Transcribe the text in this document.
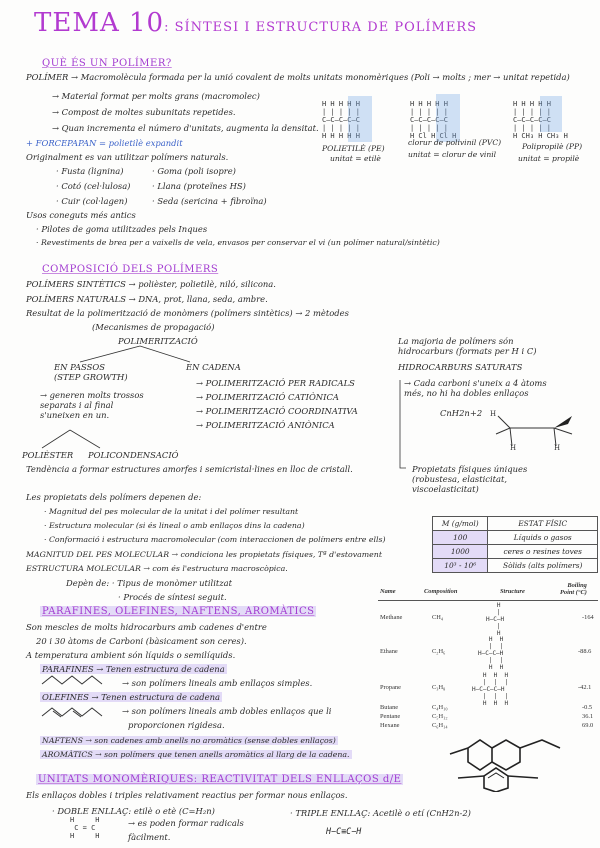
TEMA 10: SÍNTESI I ESTRUCTURA DE POLÍMERS
QUÈ ÉS UN POLÍMER?
POLÍMER → Macromolècula formada per la unió covalent de molts unitats monomèriques (Poli → molts ; mer → unitat repetida)
→ Material format per molts grans (macromolec)
→ Compost de moltes subunitats repetides.
→ Quan incrementa el número d'unitats, augmenta la densitat.
+ FORCEPAPAN = polietilè expandit
Originalment es van utilitzar polímers naturals.
· Fusta (lignina)
· Cotó (cel·lulosa)
· Cuir (col·lagen)
· Goma (poli isopre)
· Llana (proteïnes HS)
· Seda (sericina + fibroïna)
Usos coneguts més antics
· Pilotes de goma utilitzades pels Inques
· Revestiments de brea per a vaixells de vela, envasos per conservar el vi (un polímer natural/sintètic)
H H H H H
| | | | |
C—C—C—C—C
| | | | |
H H H H H
POLIETILÈ (PE)
unitat = etilè
H H H H H
| | | | |
C—C—C—C—C
| | | | |
H Cl H Cl H
clorur de polivinil (PVC)
unitat = clorur de vinil
H H H H H
| | | | |
C—C—C—C—C
| | | | |
H CH₃ H CH₃ H
Polipropilè (PP)
unitat = propilè
COMPOSICIÓ DELS POLÍMERS
POLÍMERS SINTÈTICS → polièster, polietilè, niló, silicona.
POLÍMERS NATURALS → DNA, prot, llana, seda, ambre.
Resultat de la polimerització de monòmers (polímers sintètics) → 2 mètodes
(Mecanismes de propagació)
POLIMERITZACIÓ
EN PASSOS
(STEP GROWTH)
→ generen molts trossos
separats i al final
s'uneixen en un.
EN CADENA
→ POLIMERITZACIÓ PER RADICALS
→ POLIMERITZACIÓ CATIÒNICA
→ POLIMERITZACIÓ COORDINATIVA
→ POLIMERITZACIÓ ANIÒNICA
POLIÈSTER POLICONDENSACIÓ
Tendència a formar estructures amorfes i semicristal·lines en lloc de cristall.
Les propietats dels polímers depenen de:
· Magnitud del pes molecular de la unitat i del polímer resultant
· Estructura molecular (si és lineal o amb enllaços dins la cadena)
· Conformació i estructura macromolecular (com interaccionen de polímers entre ells)
MAGNITUD DEL PES MOLECULAR → condiciona les propietats físiques, Tª d'estovament
ESTRUCTURA MOLECULAR → com és l'estructura macroscòpica.
Depèn de: · Tipus de monòmer utilitzat
· Procés de síntesi seguit.
La majoria de polímers són
hidrocarburs (formats per H i C)
HIDROCARBURS SATURATS
→ Cada carboni s'uneix a 4 àtoms
més, no hi ha dobles enllaços
CnH2n+2 H
H	H
Propietats físiques úniques
(robustesa, elasticitat,
viscoelasticitat)
M (g/mol)	ESTAT FÍSIC
100	Líquids o gasos
1000	ceres o resines toves
10³ - 10⁶	Sòlids (alts polímers)
Name	Composition	Structure
Boiling
Point (°C)
Methane	CH₄	-164
H
|
H—C—H
|
H
Ethane	C₂H₆	-88.6
H  H
|  |
H—C—C—H
|  |
H  H
Propane	C₃H₈	-42.1
H  H  H
|  |  |
H—C—C—C—H
|  |  |
H  H  H
Butane	C₄H₁₀	-0.5
Pentane	C₅H₁₂	36.1
Hexane	C₆H₁₄	69.0
PARAFINES, OLEFINES, NAFTENS, AROMÀTICS
Son mescles de molts hidrocarburs amb cadenes d'entre
20 i 30 àtoms de Carboni (bàsicament son ceres).
A temperatura ambient són líquids o semilíquids.
PARAFINES → Tenen estructura de cadena
→ son polímers lineals amb enllaços simples.
OLEFINES → Tenen estructura de cadena
→ son polímers lineals amb dobles enllaços que li
proporcionen rigidesa.
NAFTENS → son cadenes amb anells no aromàtics (sense dobles enllaços)
AROMÀTICS → son polímers que tenen anells aromàtics al llarg de la cadena.
UNITATS MONOMÈRIQUES: REACTIVITAT DELS ENLLAÇOS d/E
Els enllaços dobles i triples relativament reactius per formar nous enllaços.
· DOBLE ENLLAÇ: etilè o etè (C=H₂n)
H     H
C = C
H     H
→ es poden formar radicals
fàcilment.
· TRIPLE ENLLAÇ: Acetilè o etí (CnH2n-2)
H−C≡C−H
